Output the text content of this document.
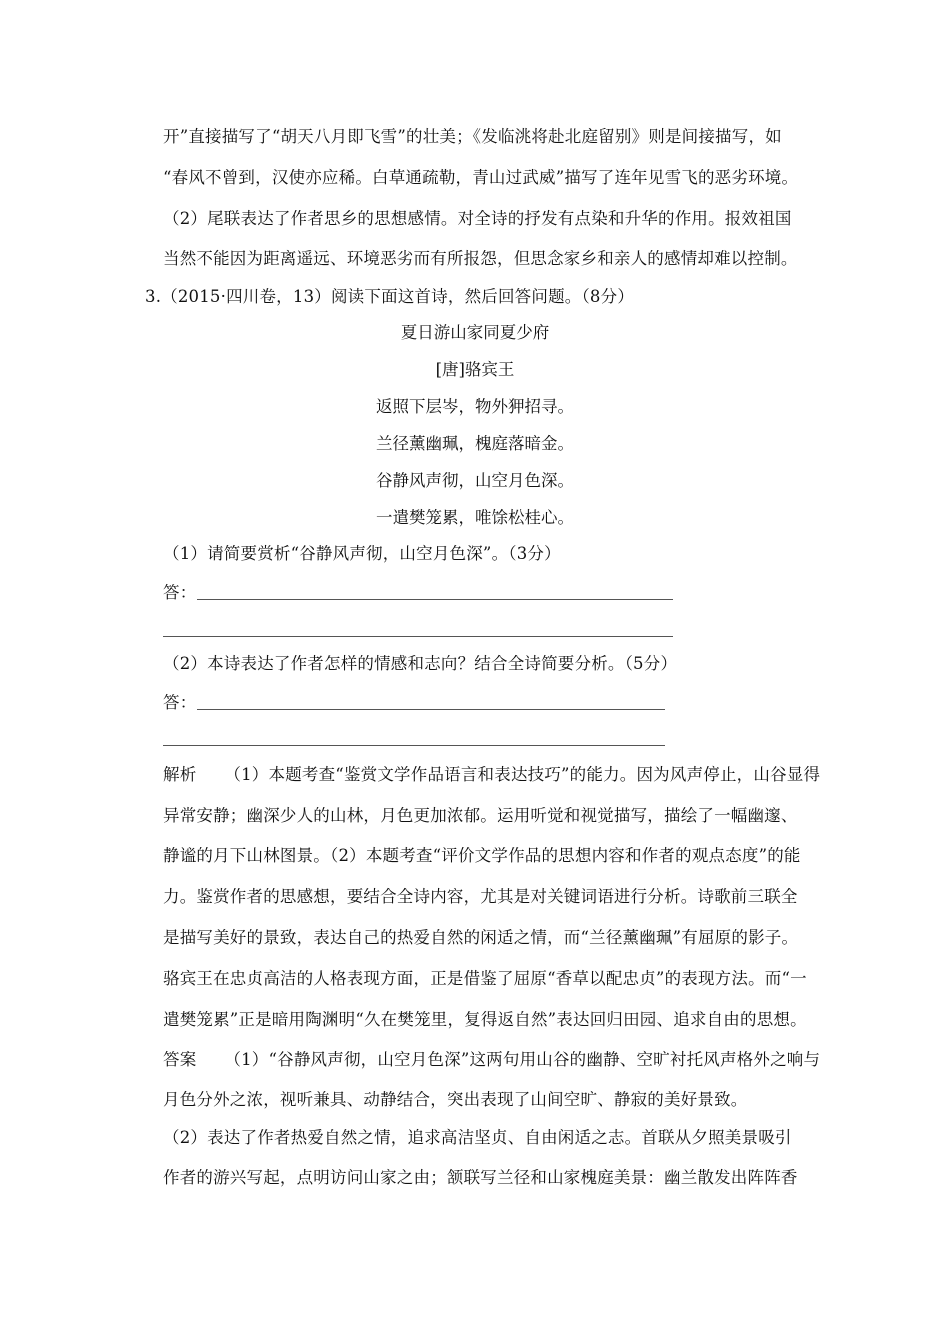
开”直接描写了“胡天八月即飞雪”的壮美；《发临洮将赴北庭留别》则是间接描写，如
“春风不曾到，汉使亦应稀。白草通疏勒，青山过武威”描写了连年见雪飞的恶劣环境。
（2）尾联表达了作者思乡的思想感情。对全诗的抒发有点染和升华的作用。报效祖国
当然不能因为距离遥远、环境恶劣而有所报怨，但思念家乡和亲人的感情却难以控制。
3.（2015·四川卷，13）阅读下面这首诗，然后回答问题。（8分）
夏日游山家同夏少府
[唐]骆宾王
返照下层岑，物外狎招寻。
兰径薰幽珮，槐庭落暗金。
谷静风声彻，山空月色深。
一遣樊笼累，唯馀松桂心。
（1）请简要赏析“谷静风声彻，山空月色深”。（3分）
答：
（2）本诗表达了作者怎样的情感和志向？结合全诗简要分析。（5分）
答：
解析 （1）本题考查“鉴赏文学作品语言和表达技巧”的能力。因为风声停止，山谷显得
异常安静；幽深少人的山林，月色更加浓郁。运用听觉和视觉描写，描绘了一幅幽邃、
静谧的月下山林图景。（2）本题考查“评价文学作品的思想内容和作者的观点态度”的能
力。鉴赏作者的思感想，要结合全诗内容，尤其是对关键词语进行分析。诗歌前三联全
是描写美好的景致，表达自己的热爱自然的闲适之情，而“兰径薰幽珮”有屈原的影子。
骆宾王在忠贞高洁的人格表现方面，正是借鉴了屈原“香草以配忠贞”的表现方法。而“一
遣樊笼累”正是暗用陶渊明“久在樊笼里，复得返自然”表达回归田园、追求自由的思想。
答案 （1）“谷静风声彻，山空月色深”这两句用山谷的幽静、空旷衬托风声格外之响与
月色分外之浓，视听兼具、动静结合，突出表现了山间空旷、静寂的美好景致。
（2）表达了作者热爱自然之情，追求高洁坚贞、自由闲适之志。首联从夕照美景吸引
作者的游兴写起，点明访问山家之由；颔联写兰径和山家槐庭美景：幽兰散发出阵阵香
